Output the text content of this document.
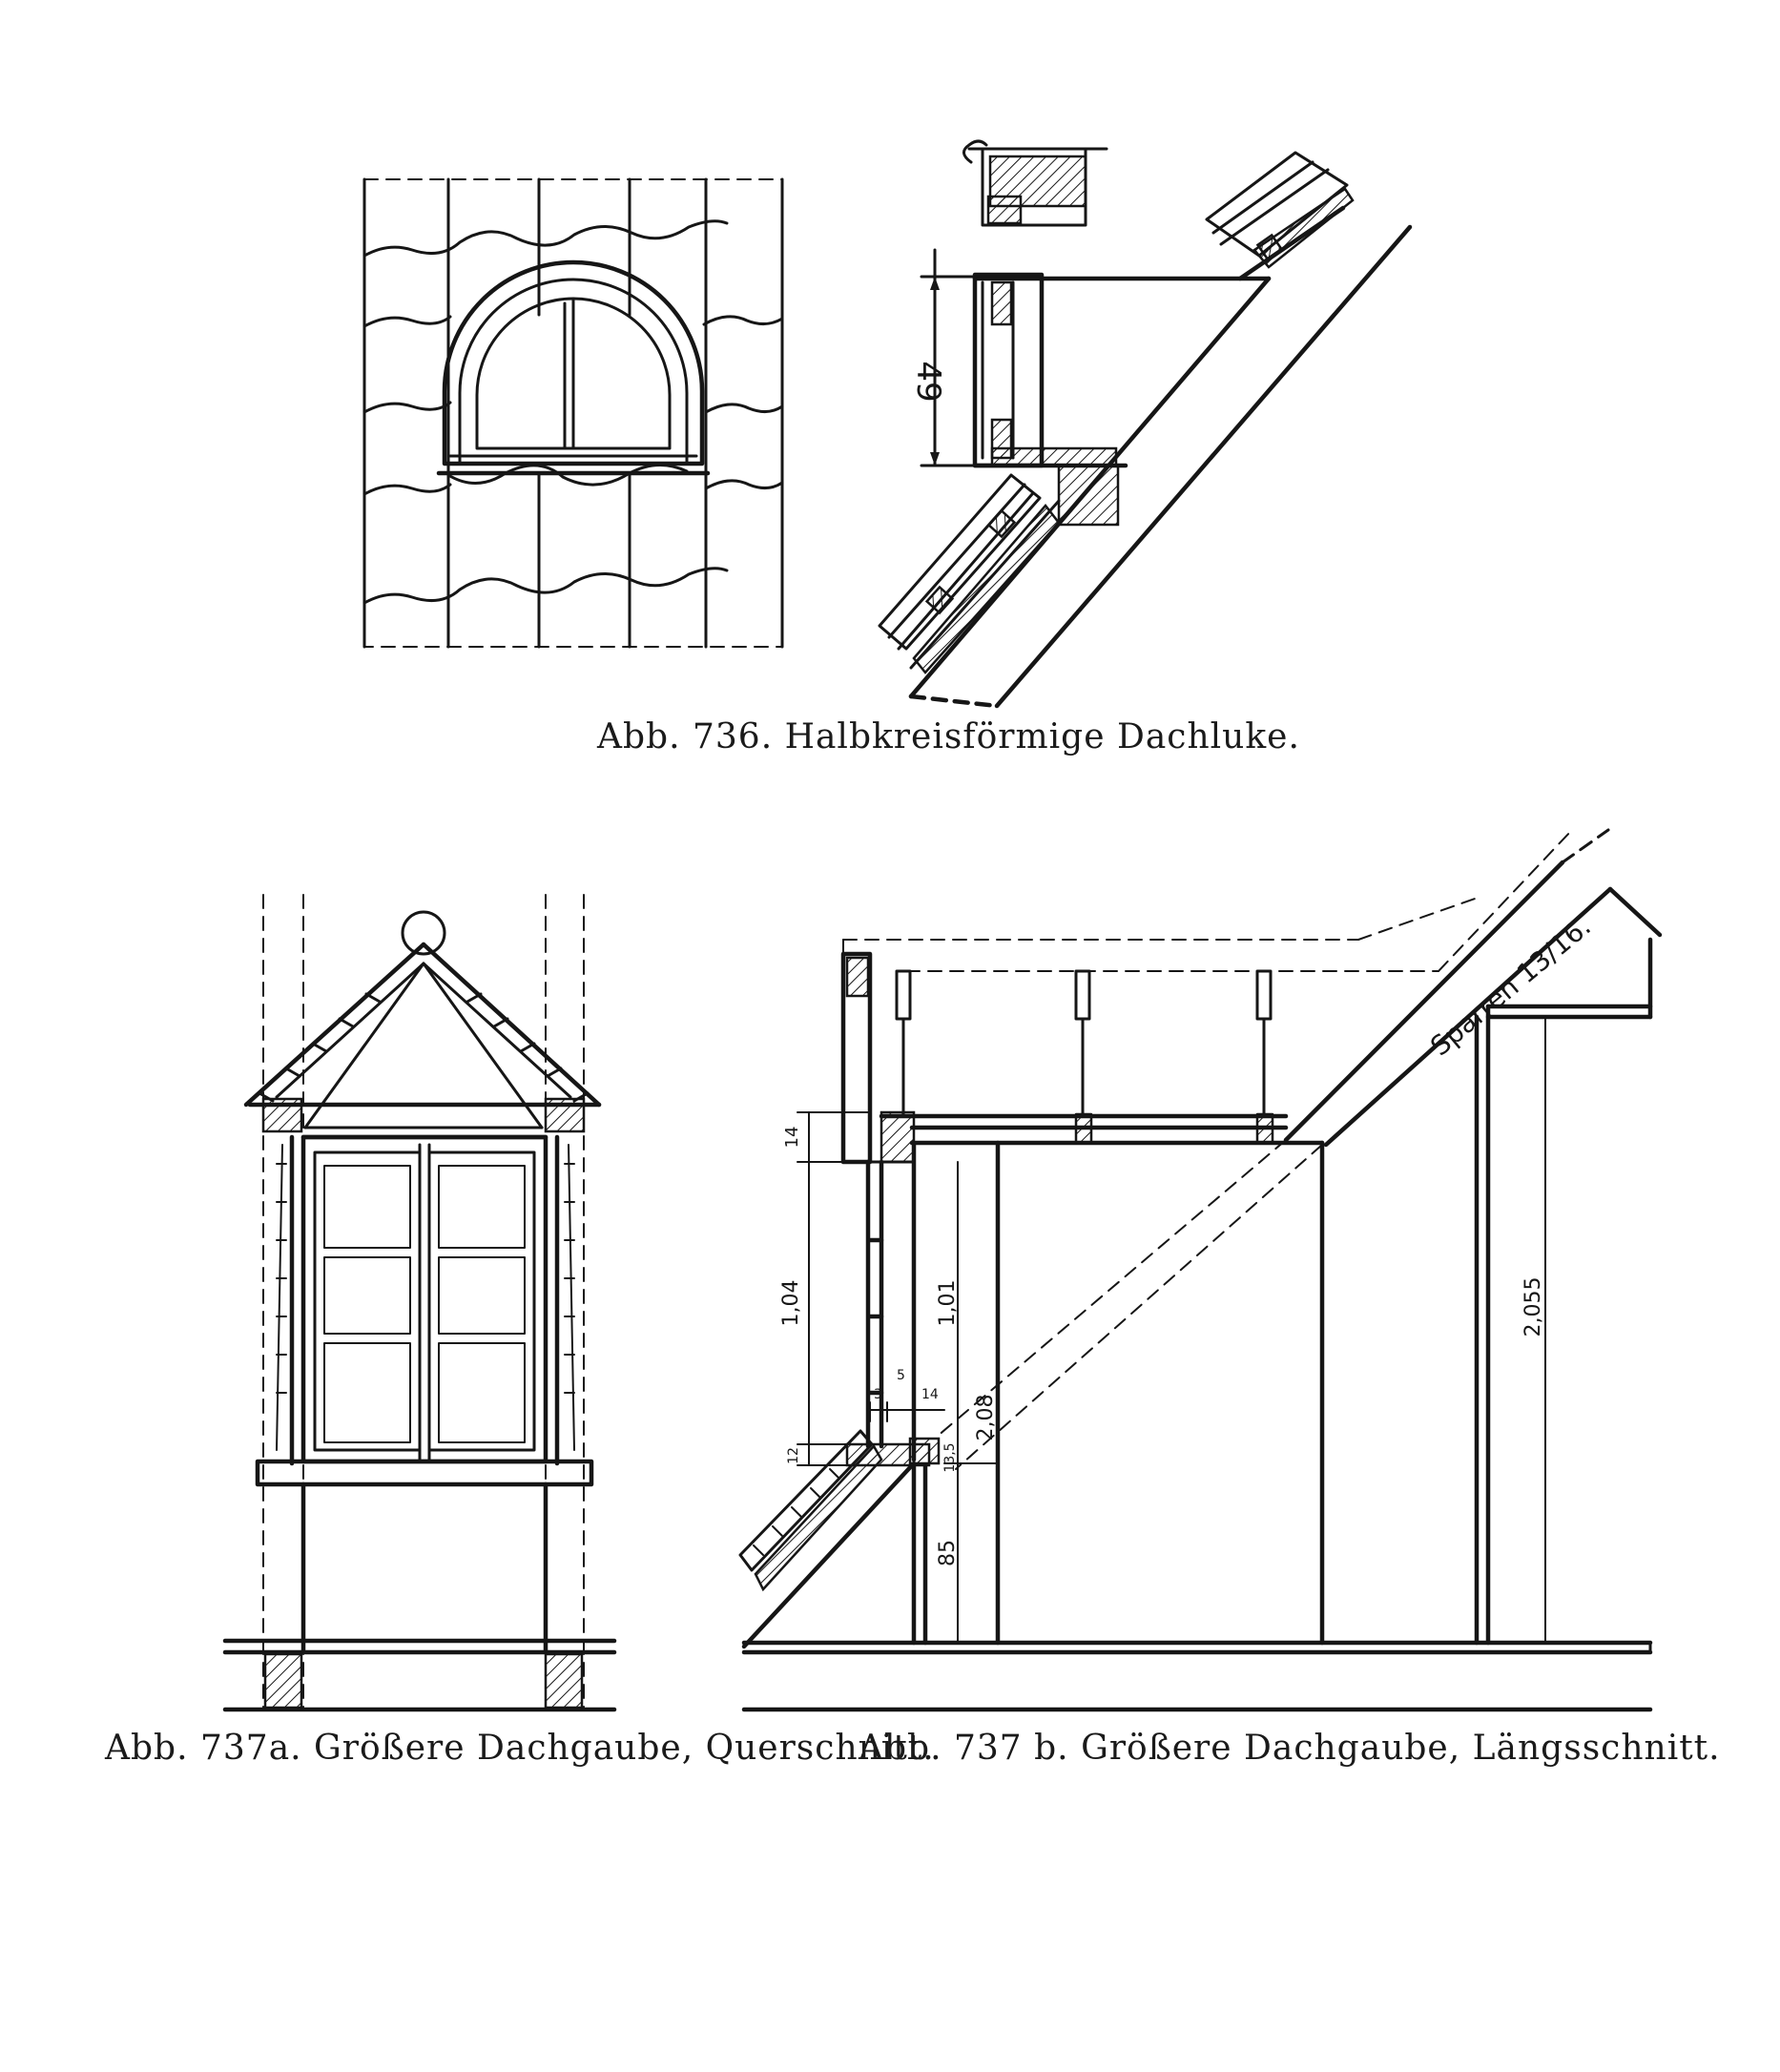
49
Sparren 13/16.
14
1,04	1,01
2,08
2,055
85
12	13,5
3
5
14
Abb. 736. Halbkreisförmige Dachluke.
Abb. 737a. Größere Dachgaube, Querschnitt.
Abb. 737 b. Größere Dachgaube, Längsschnitt.
